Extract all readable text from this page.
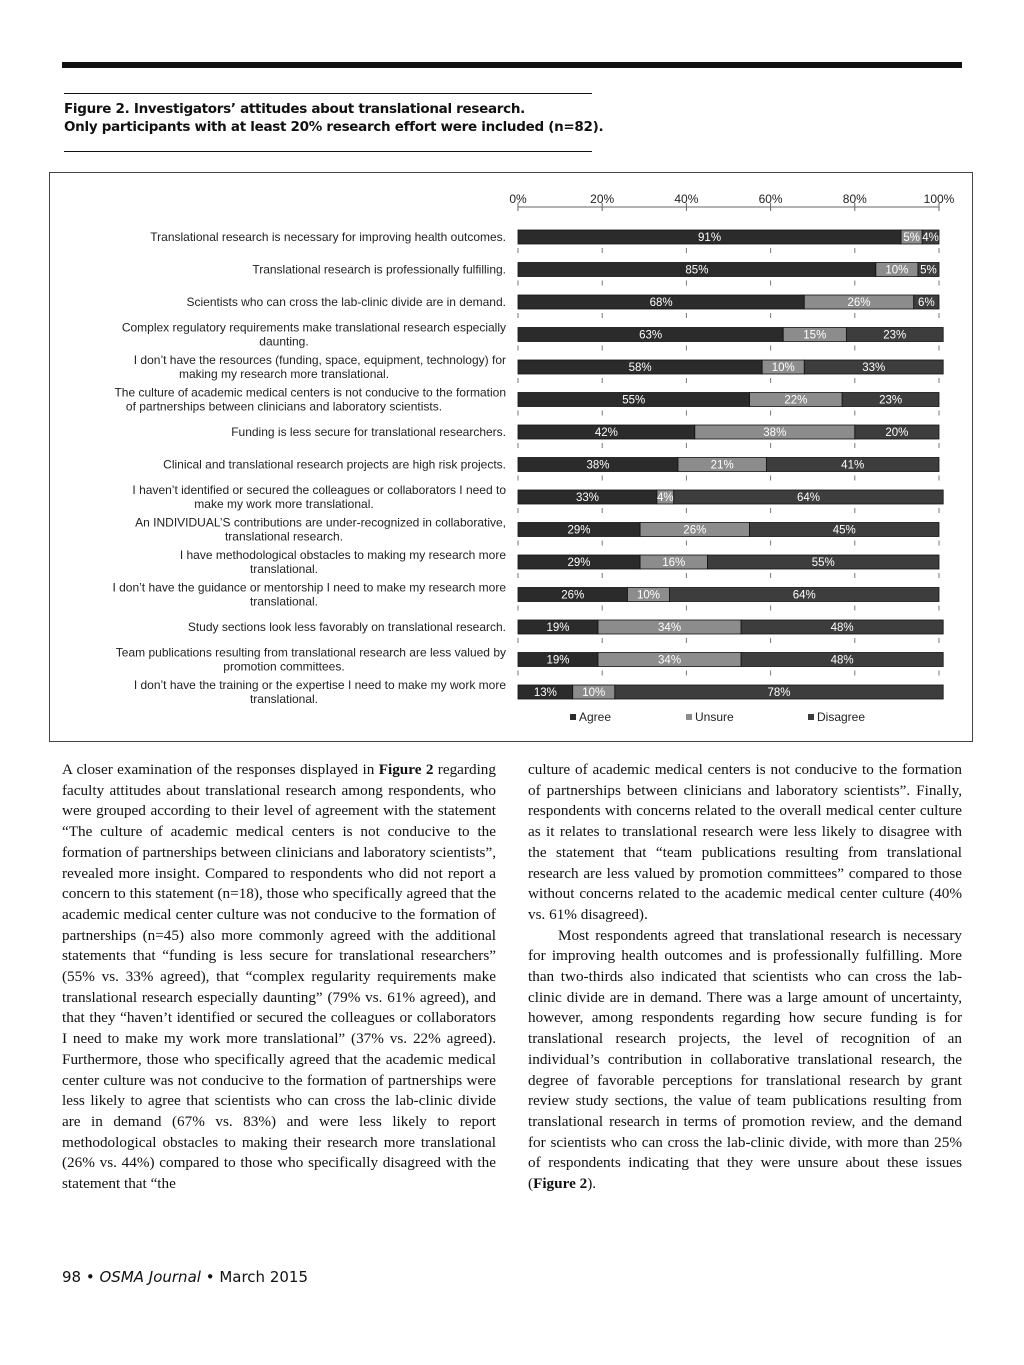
Figure 2. Investigators’ attitudes about translational research.
Only participants with at least 20% research effort were included (n=82).
0%	20%	40%	60%	80%	100%
Translational research is necessary for improving health outcomes.	91%	5% 4%
Translational research is professionally fulfilling.	85%	10% 5%
Scientists who can cross the lab-clinic divide are in demand.	68%	26%	6%
Complex regulatory requirements make translational research especially
daunting.	63%	15%	23%
I don’t have the resources (funding, space, equipment, technology) for
making my research more translational.	58%	10%	33%
The culture of academic medical centers is not conducive to the formation
of partnerships between clinicians and laboratory scientists.	55%	22%	23%
Funding is less secure for translational researchers.	42%	38%	20%
Clinical and translational research projects are high risk projects.	38%	21%	41%
I haven’t identified or secured the colleagues or collaborators I need to
make my work more translational.	33%	4%	64%
An INDIVIDUAL’S contributions are under-recognized in collaborative,
translational research.	29%	26%	45%
I have methodological obstacles to making my research more
translational.	29%	16%	55%
I don’t have the guidance or mentorship I need to make my research more
translational.	26%	10%	64%
Study sections look less favorably on translational research.	19%	34%	48%
Team publications resulting from translational research are less valued by
promotion committees.	19%	34%	48%
I don’t have the training or the expertise I need to make my work more
translational.	13% 10%	78%
Agree	Unsure	Disagree

A closer examination of the responses displayed in Figure 2 regarding faculty attitudes about translational research among respondents, who were grouped according to their level of agreement with the statement “The culture of academic medical centers is not conducive to the formation of partnerships between clinicians and laboratory scientists”, revealed more insight. Compared to respondents who did not report a concern to this statement (n=18), those who specifically agreed that the academic medical center culture was not conducive to the formation of partnerships (n=45) also more commonly agreed with the additional statements that “funding is less secure for translational researchers” (55% vs. 33% agreed), that “complex regularity requirements make translational research especially daunting” (79% vs. 61% agreed), and that they “haven’t identified or secured the colleagues or collaborators I need to make my work more translational” (37% vs. 22% agreed). Furthermore, those who specifically agreed that the academic medical center culture was not conducive to the formation of partnerships were less likely to agree that scientists who can cross the lab-clinic divide are in demand (67% vs. 83%) and were less likely to report methodological obstacles to making their research more translational (26% vs. 44%) compared to those who specifically disagreed with the statement that “the

culture of academic medical centers is not conducive to the formation of partnerships between clinicians and laboratory scientists”. Finally, respondents with concerns related to the overall medical center culture as it relates to translational research were less likely to disagree with the statement that “team publications resulting from translational research are less valued by promotion committees” compared to those without concerns related to the academic medical center culture (40% vs. 61% disagreed).

Most respondents agreed that translational research is necessary for improving health outcomes and is professionally fulfilling. More than two-thirds also indicated that scientists who can cross the lab-clinic divide are in demand. There was a large amount of uncertainty, however, among respondents regarding how secure funding is for translational research projects, the level of recognition of an individual’s contribution in collaborative translational research, the degree of favorable perceptions for translational research by grant review study sections, the value of team publications resulting from translational research in terms of promotion review, and the demand for scientists who can cross the lab-clinic divide, with more than 25% of respondents indicating that they were unsure about these issues (Figure 2).

98 • OSMA Journal • March 2015
